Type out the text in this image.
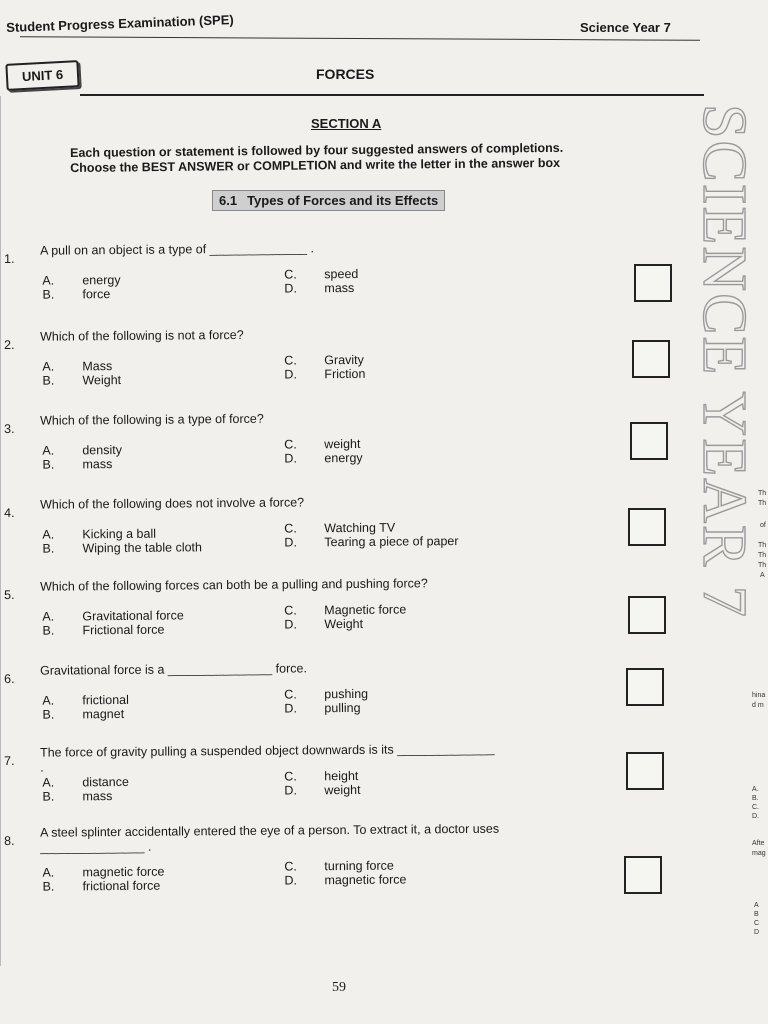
Student Progress Examination (SPE)	Science Year 7
UNIT 6	FORCES
SECTION A
Each question or statement is followed by four suggested answers of completions.
Choose the BEST ANSWER or COMPLETION and write the letter in the answer box
6.1 Types of Forces and its Effects
1.
A pull on an object is a type of ______________ .
A. energy
B. force
C. speed
D. mass
2.
Which of the following is not a force?
A. Mass
B. Weight
C. Gravity
D. Friction
3.
Which of the following is a type of force?
A. density
B. mass
C. weight
D. energy
4.
Which of the following does not involve a force?
A. Kicking a ball
B. Wiping the table cloth
C. Watching TV
D. Tearing a piece of paper
5.
Which of the following forces can both be a pulling and pushing force?
A. Gravitational force
B. Frictional force
C. Magnetic force
D. Weight
6.
Gravitational force is a _______________ force.
A. frictional
B. magnet
C. pushing
D. pulling
7.
The force of gravity pulling a suspended object downwards is its ______________ .
A. distance
B. mass
C. height
D. weight
8.
A steel splinter accidentally entered the eye of a person. To extract it, a doctor uses _______________ .
A. magnetic force
B. frictional force
C. turning force
D. magnetic force
SCIENCE YEAR 7 Th
Th
of
Th
Th
Th
A
hina
d m
A.
B.
C.
D.
Afte
mag
A
B
C
D
59
